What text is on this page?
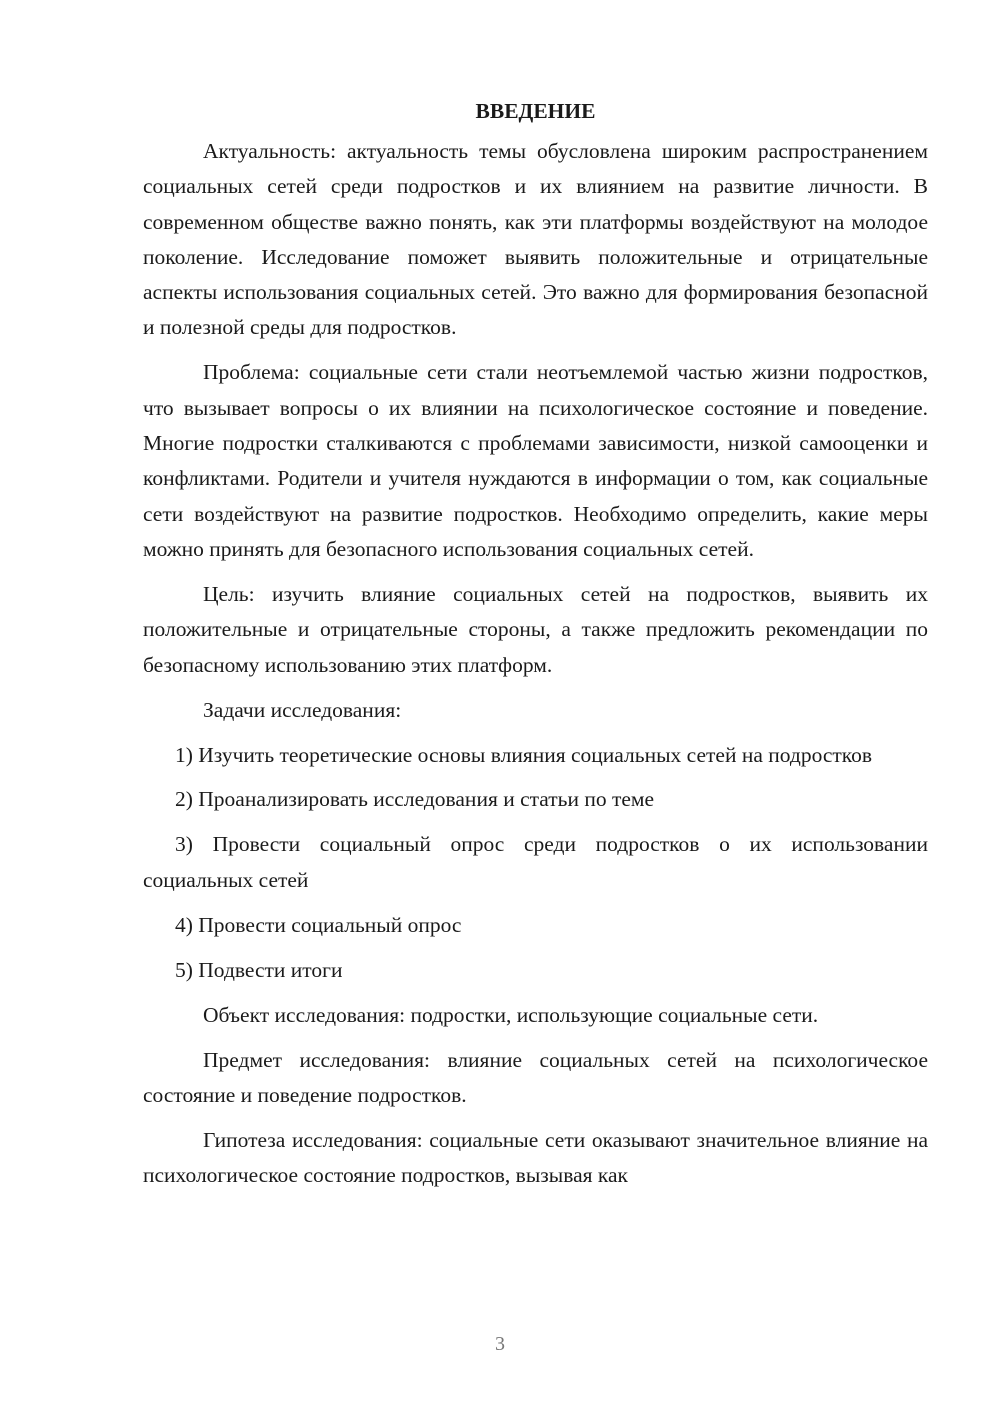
ВВЕДЕНИЕ

Актуальность: актуальность темы обусловлена широким распространением социальных сетей среди подростков и их влиянием на развитие личности. В современном обществе важно понять, как эти платформы воздействуют на молодое поколение. Исследование поможет выявить положительные и отрицательные аспекты использования социальных сетей. Это важно для формирования безопасной и полезной среды для подростков.

Проблема: социальные сети стали неотъемлемой частью жизни подростков, что вызывает вопросы о их влиянии на психологическое состояние и поведение. Многие подростки сталкиваются с проблемами зависимости, низкой самооценки и конфликтами. Родители и учителя нуждаются в информации о том, как социальные сети воздействуют на развитие подростков. Необходимо определить, какие меры можно принять для безопасного использования социальных сетей.

Цель: изучить влияние социальных сетей на подростков, выявить их положительные и отрицательные стороны, а также предложить рекомендации по безопасному использованию этих платформ.

Задачи исследования:

1) Изучить теоретические основы влияния социальных сетей на подростков

2) Проанализировать исследования и статьи по теме

3) Провести социальный опрос среди подростков о их использовании социальных сетей

4) Провести социальный опрос

5) Подвести итоги

Объект исследования: подростки, использующие социальные сети.

Предмет исследования: влияние социальных сетей на психологическое состояние и поведение подростков.

Гипотеза исследования: социальные сети оказывают значительное влияние на психологическое состояние подростков, вызывая как

3
